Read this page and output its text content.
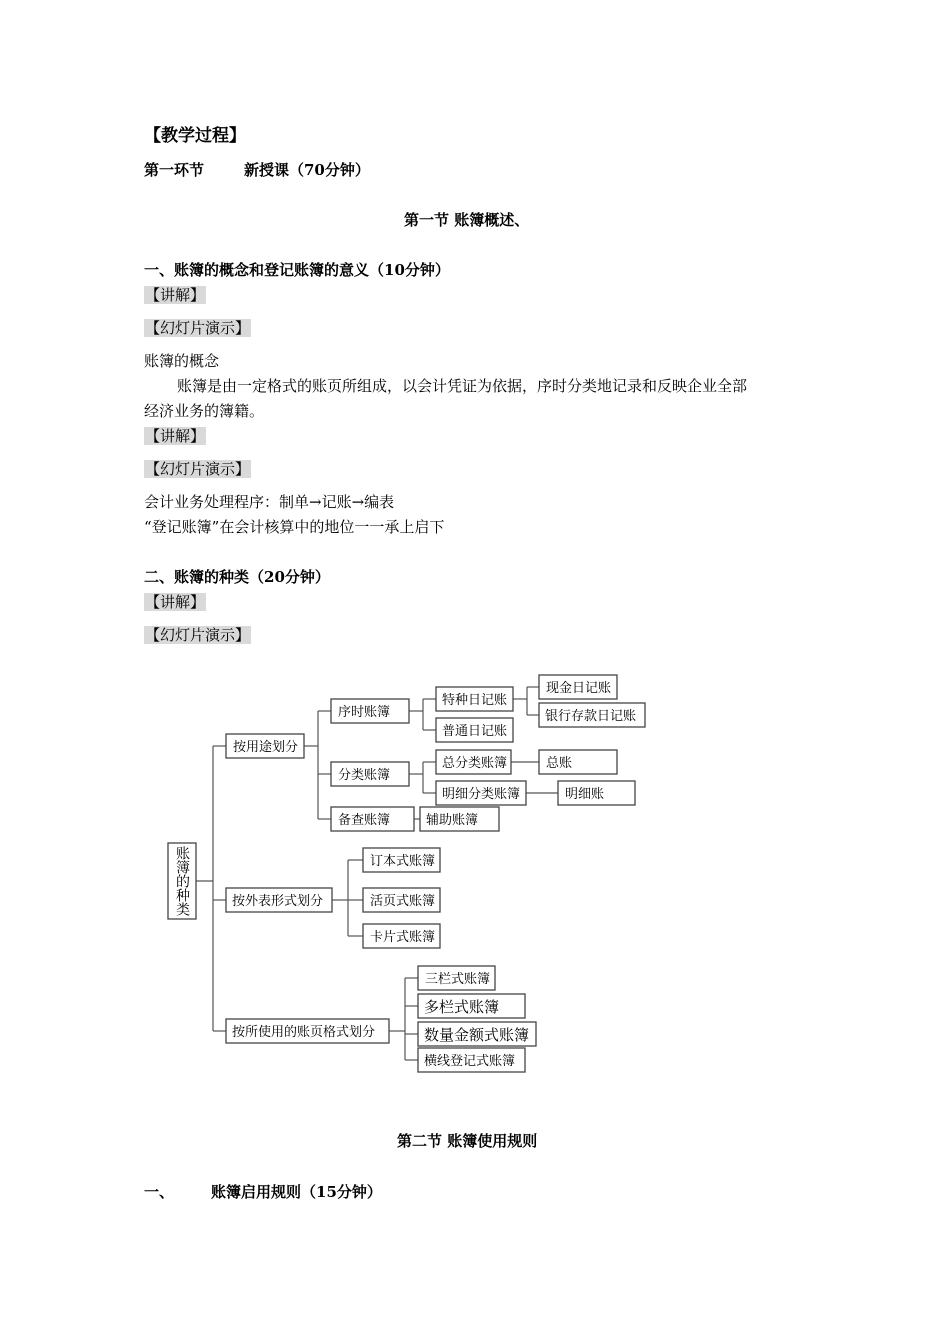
【教学过程】
第一环节	新授课（70分钟）
第一节 账簿概述、
一、账簿的概念和登记账簿的意义（10分钟）
【讲解】
【幻灯片演示】
账簿的概念
账簿是由一定格式的账页所组成，以会计凭证为依据，序时分类地记录和反映企业全部
经济业务的簿籍。
【讲解】
【幻灯片演示】
会计业务处理程序：制单→记账→编表
“登记账簿”在会计核算中的地位一一承上启下
二、账簿的种类（20分钟）
【讲解】
【幻灯片演示】
账簿的种类
按用途划分
按外表形式划分
按所使用的账页格式划分
序时账簿
分类账簿
备查账簿
特种日记账
普通日记账
现金日记账
银行存款日记账
总分类账簿	总账
明细分类账簿	明细账
辅助账簿
订本式账簿
活页式账簿
卡片式账簿
三栏式账簿
多栏式账簿
数量金额式账簿
横线登记式账簿
第二节 账簿使用规则
一、 账簿启用规则（15分钟）
